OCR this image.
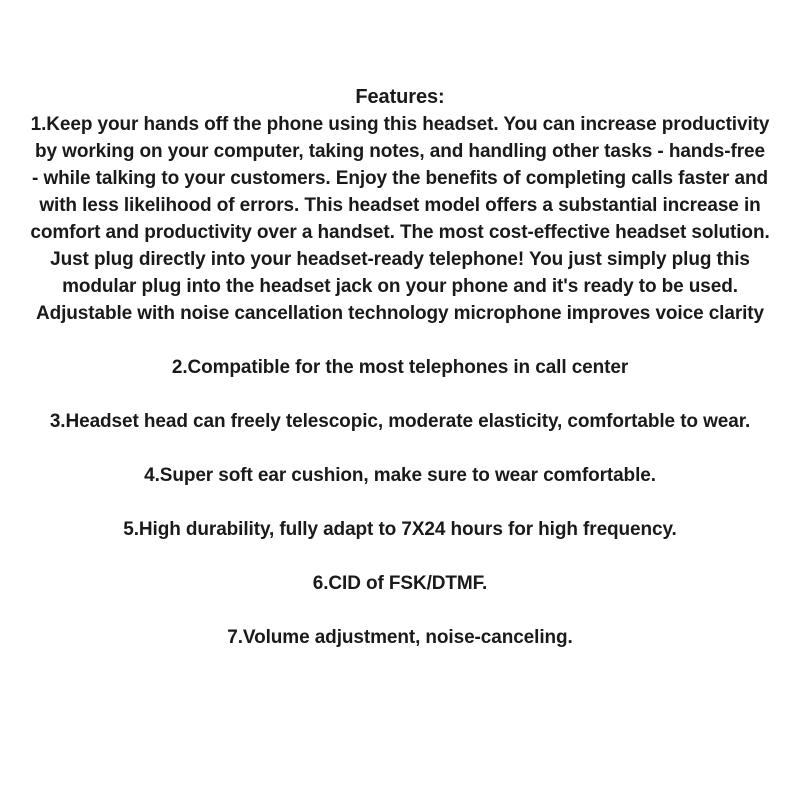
Features:

1.Keep your hands off the phone using this headset. You can increase productivity by working on your computer, taking notes, and handling other tasks - hands-free - while talking to your customers. Enjoy the benefits of completing calls faster and with less likelihood of errors. This headset model offers a substantial increase in comfort and productivity over a handset. The most cost-effective headset solution. Just plug directly into your headset-ready telephone! You just simply plug this modular plug into the headset jack on your phone and it's ready to be used. Adjustable with noise cancellation technology microphone improves voice clarity

2.Compatible for the most telephones in call center

3.Headset head can freely telescopic, moderate elasticity, comfortable to wear.

4.Super soft ear cushion, make sure to wear comfortable.

5.High durability, fully adapt to 7X24 hours for high frequency.

6.CID of FSK/DTMF.

7.Volume adjustment, noise-canceling.
